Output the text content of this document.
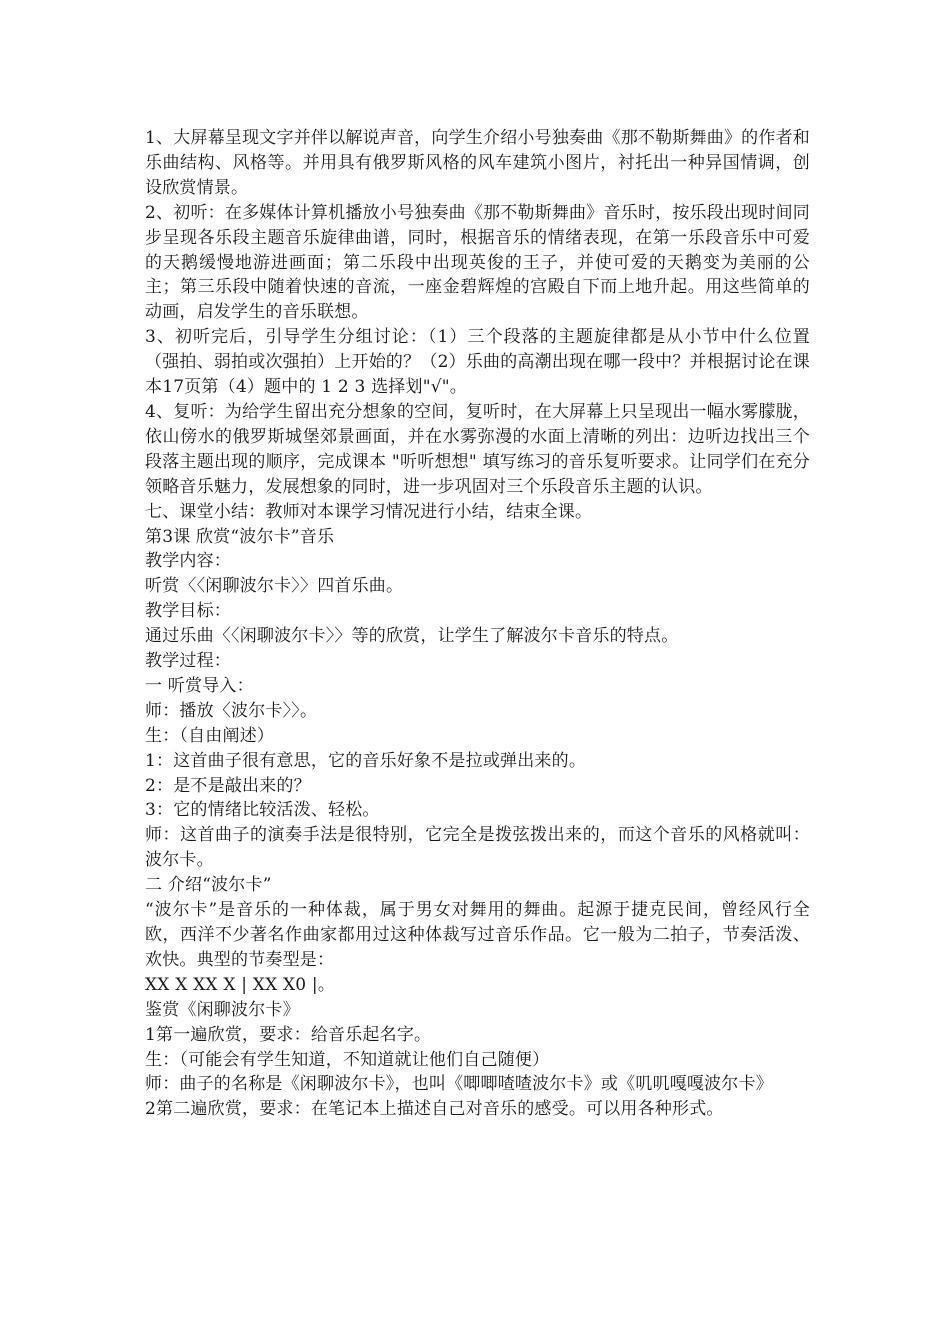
1、大屏幕呈现文字并伴以解说声音，向学生介绍小号独奏曲《那不勒斯舞曲》的作者和乐曲结构、风格等。并用具有俄罗斯风格的风车建筑小图片，衬托出一种异国情调，创设欣赏情景。

2、初听：在多媒体计算机播放小号独奏曲《那不勒斯舞曲》音乐时，按乐段出现时间同步呈现各乐段主题音乐旋律曲谱，同时，根据音乐的情绪表现，在第一乐段音乐中可爱的天鹅缓慢地游进画面；第二乐段中出现英俊的王子，并使可爱的天鹅变为美丽的公主；第三乐段中随着快速的音流，一座金碧辉煌的宫殿自下而上地升起。用这些简单的动画，启发学生的音乐联想。

3、初听完后，引导学生分组讨论：（1）三个段落的主题旋律都是从小节中什么位置（强拍、弱拍或次强拍）上开始的？（2）乐曲的高潮出现在哪一段中？并根据讨论在课本17页第（4）题中的 1 2 3 选择划"√"。

4、复听：为给学生留出充分想象的空间，复听时，在大屏幕上只呈现出一幅水雾朦胧，依山傍水的俄罗斯城堡郊景画面，并在水雾弥漫的水面上清晰的列出：边听边找出三个段落主题出现的顺序，完成课本 "听听想想" 填写练习的音乐复听要求。让同学们在充分领略音乐魅力，发展想象的同时，进一步巩固对三个乐段音乐主题的认识。

七、课堂小结：教师对本课学习情况进行小结，结束全课。

第3课 欣赏“波尔卡”音乐

教学内容：

听赏〈〈闲聊波尔卡〉〉四首乐曲。

教学目标：

通过乐曲〈〈闲聊波尔卡〉〉等的欣赏，让学生了解波尔卡音乐的特点。

教学过程：

一 听赏导入：

师：播放〈波尔卡〉〉。

生：（自由阐述）

1：这首曲子很有意思，它的音乐好象不是拉或弹出来的。

2：是不是敲出来的？

3：它的情绪比较活泼、轻松。

师：这首曲子的演奏手法是很特别，它完全是拨弦拨出来的，而这个音乐的风格就叫：波尔卡。

二 介绍“波尔卡”

“波尔卡”是音乐的一种体裁，属于男女对舞用的舞曲。起源于捷克民间，曾经风行全欧，西洋不少著名作曲家都用过这种体裁写过音乐作品。它一般为二拍子，节奏活泼、欢快。典型的节奏型是：

XX X XX X | XX X0 |。

鉴赏《闲聊波尔卡》

1第一遍欣赏，要求：给音乐起名字。

生：（可能会有学生知道，不知道就让他们自己随便）

师：曲子的名称是《闲聊波尔卡》，也叫《唧唧喳喳波尔卡》或《叽叽嘎嘎波尔卡》

2第二遍欣赏，要求：在笔记本上描述自己对音乐的感受。可以用各种形式。
